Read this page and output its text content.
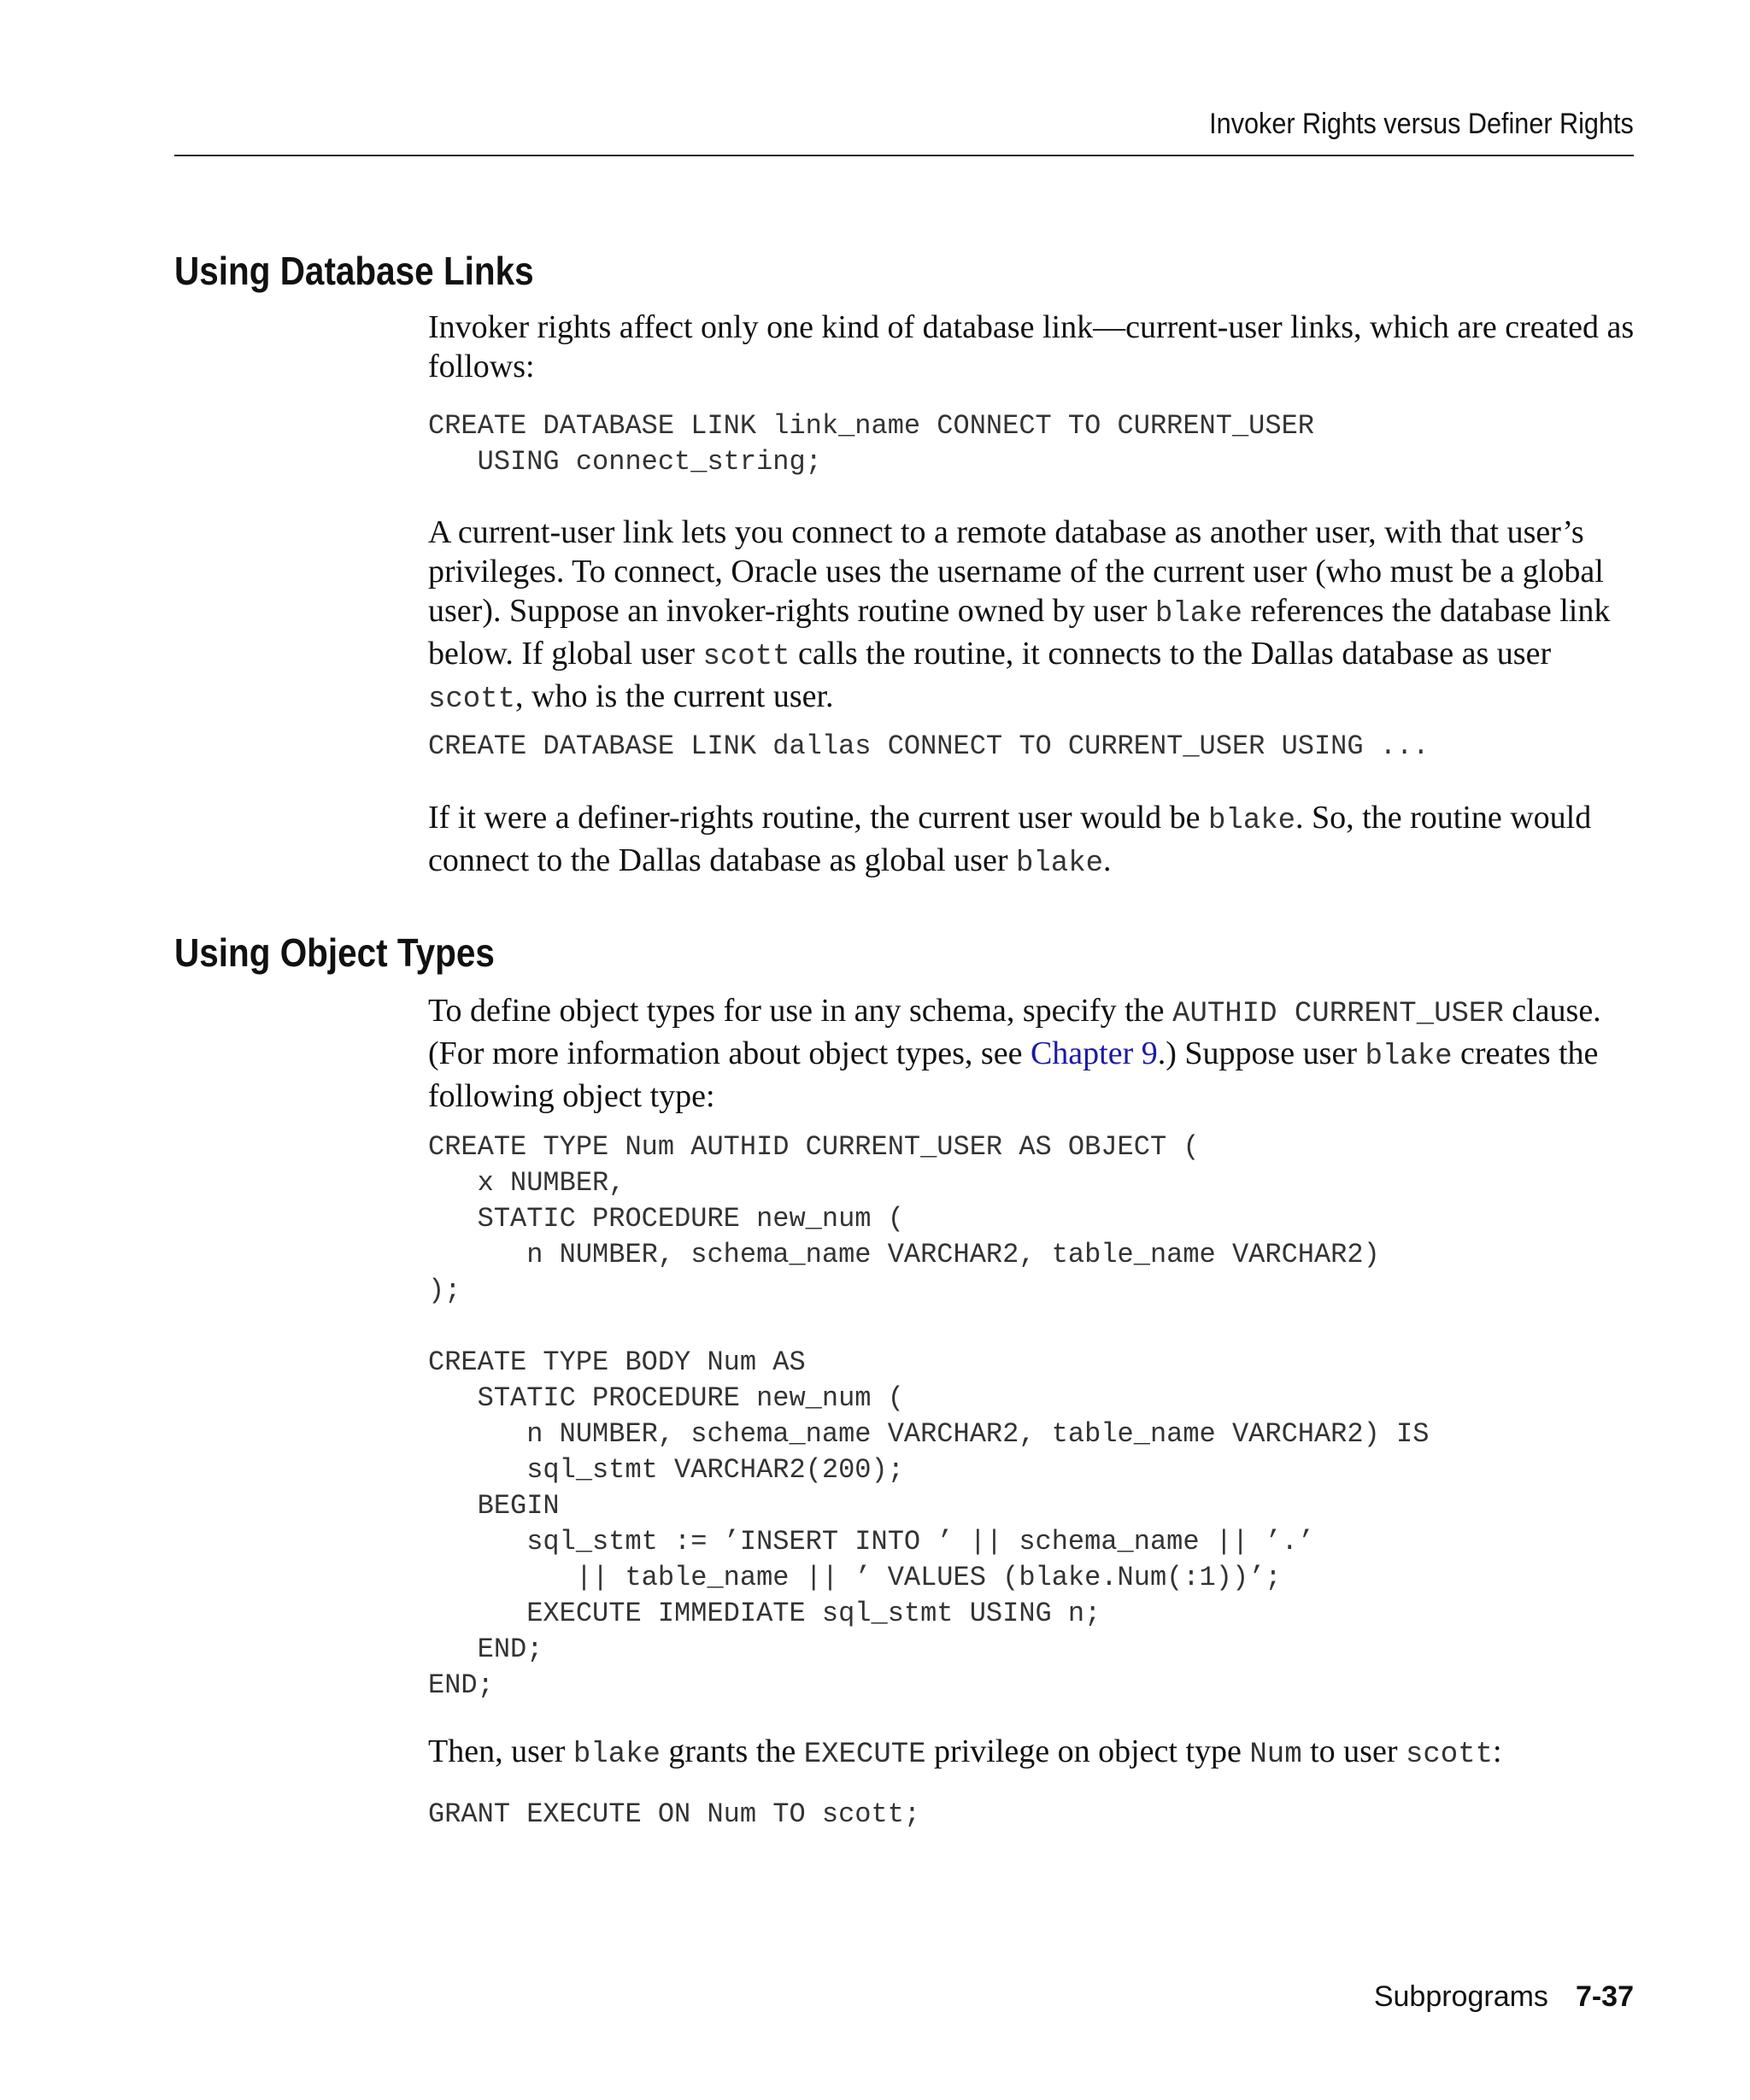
Invoker Rights versus Definer Rights
Using Database Links

Invoker rights affect only one kind of database link—current-user links, which are created as follows:

CREATE DATABASE LINK link_name CONNECT TO CURRENT_USER
USING connect_string;

A current-user link lets you connect to a remote database as another user, with that user’s privileges. To connect, Oracle uses the username of the current user (who must be a global user). Suppose an invoker-rights routine owned by user blake references the database link below. If global user scott calls the routine, it connects to the Dallas database as user scott, who is the current user.

CREATE DATABASE LINK dallas CONNECT TO CURRENT_USER USING ...

If it were a definer-rights routine, the current user would be blake. So, the routine would connect to the Dallas database as global user blake.

Using Object Types

To define object types for use in any schema, specify the AUTHID CURRENT_USER clause. (For more information about object types, see Chapter 9.) Suppose user blake creates the following object type:

CREATE TYPE Num AUTHID CURRENT_USER AS OBJECT (
x NUMBER,
STATIC PROCEDURE new_num (
n NUMBER, schema_name VARCHAR2, table_name VARCHAR2)
);

CREATE TYPE BODY Num AS
STATIC PROCEDURE new_num (
n NUMBER, schema_name VARCHAR2, table_name VARCHAR2) IS
sql_stmt VARCHAR2(200);
BEGIN
sql_stmt := ’INSERT INTO ’ || schema_name || ’.’
|| table_name || ’ VALUES (blake.Num(:1))’;
EXECUTE IMMEDIATE sql_stmt USING n;
END;
END;

Then, user blake grants the EXECUTE privilege on object type Num to user scott:

GRANT EXECUTE ON Num TO scott;
Subprograms 7-37
